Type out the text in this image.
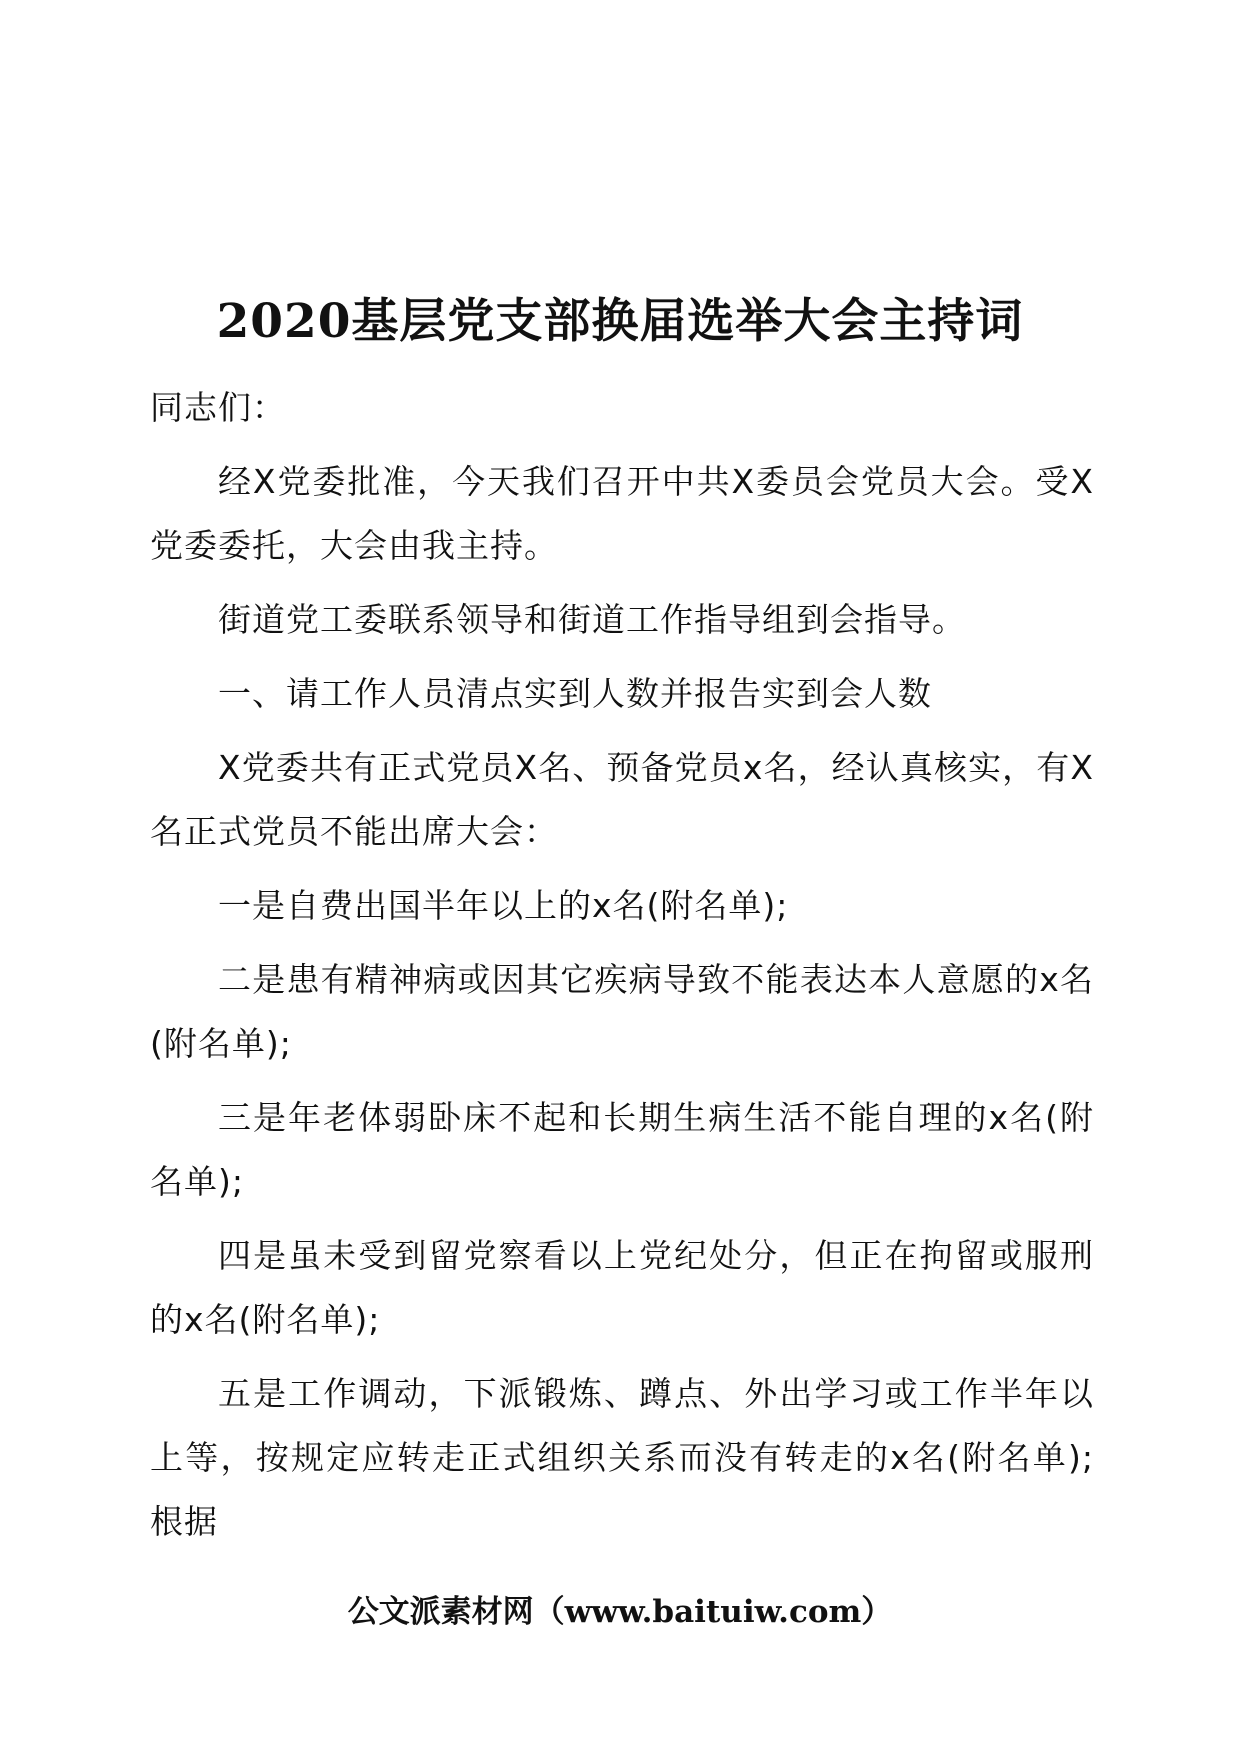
2020基层党支部换届选举大会主持词

同志们：

经X党委批准，今天我们召开中共X委员会党员大会。受X党委委托，大会由我主持。

街道党工委联系领导和街道工作指导组到会指导。

一、请工作人员清点实到人数并报告实到会人数

X党委共有正式党员X名、预备党员x名，经认真核实，有X名正式党员不能出席大会：

一是自费出国半年以上的x名(附名单);

二是患有精神病或因其它疾病导致不能表达本人意愿的x名(附名单);

三是年老体弱卧床不起和长期生病生活不能自理的x名(附名单);

四是虽未受到留党察看以上党纪处分，但正在拘留或服刑的x名(附名单);

五是工作调动，下派锻炼、蹲点、外出学习或工作半年以上等，按规定应转走正式组织关系而没有转走的x名(附名单);根据

公文派素材网（www.baituiw.com）
